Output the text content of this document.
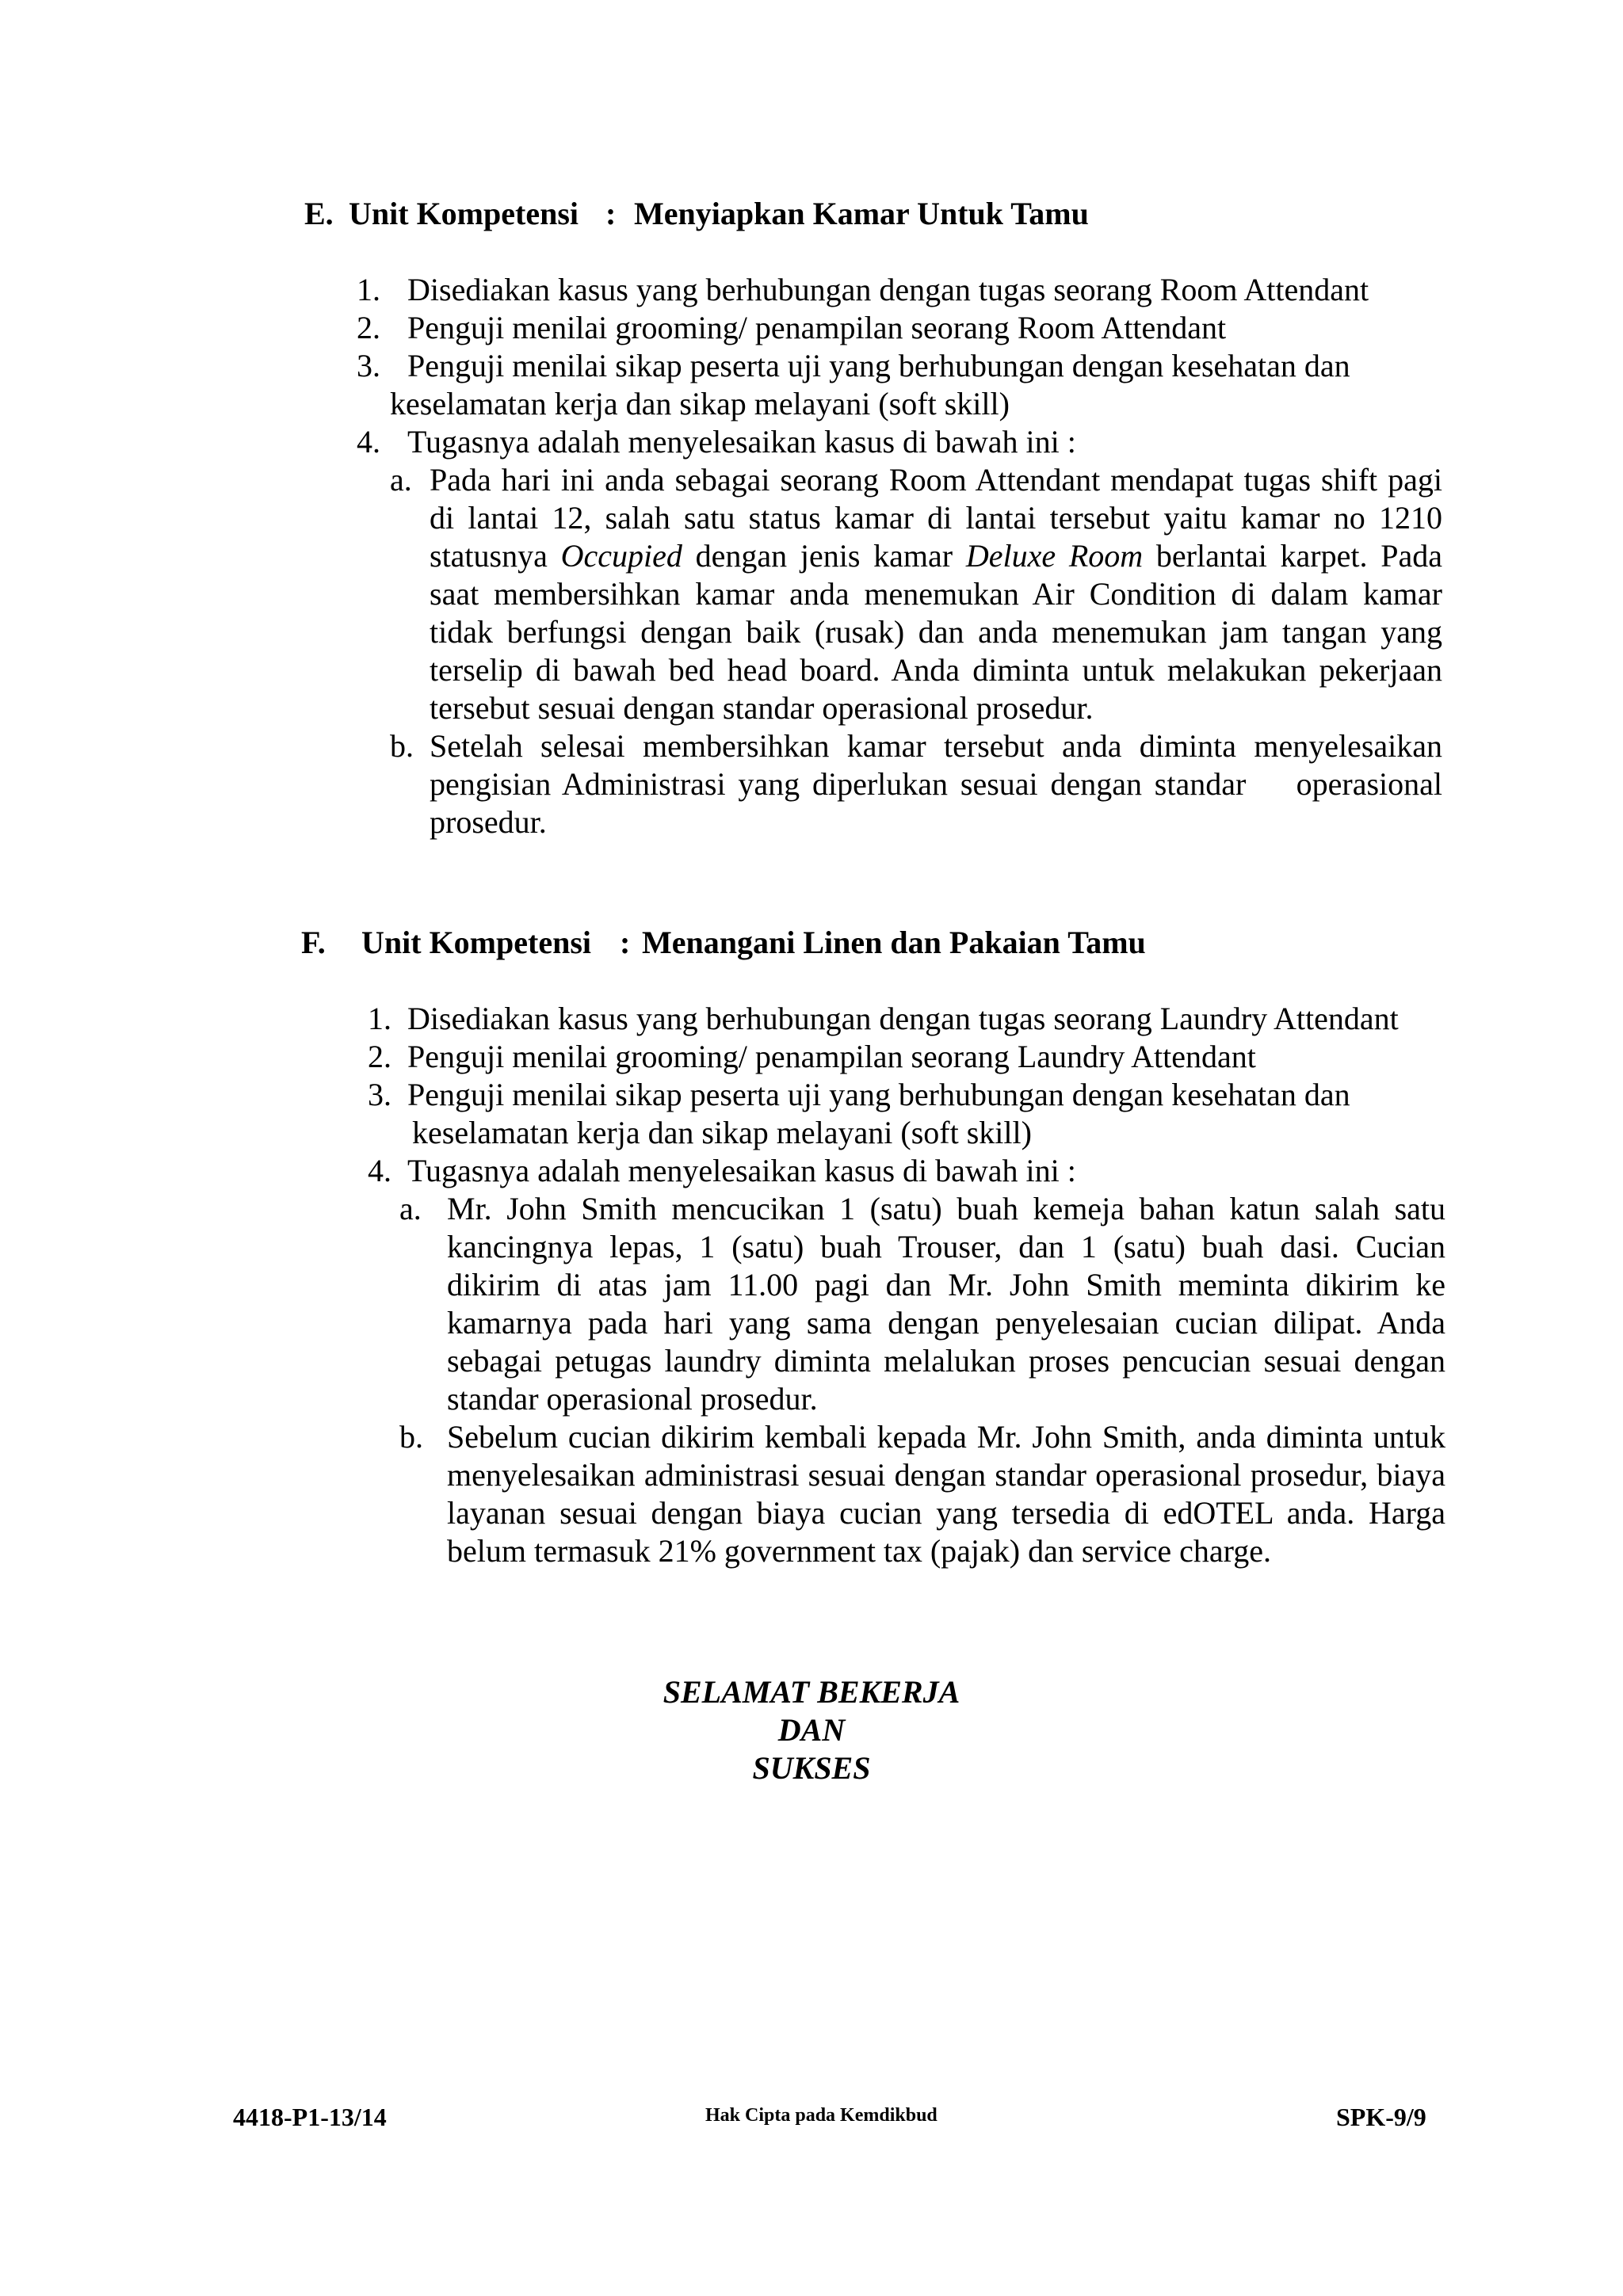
E. Unit Kompetensi : Menyiapkan Kamar Untuk Tamu
1. Disediakan kasus yang berhubungan dengan tugas seorang Room Attendant
2. Penguji menilai grooming/ penampilan seorang Room Attendant
3. Penguji menilai sikap peserta uji yang berhubungan dengan kesehatan dan
keselamatan kerja dan sikap melayani (soft skill)
4. Tugasnya adalah menyelesaikan kasus di bawah ini :
a. Pada hari ini anda sebagai seorang Room Attendant mendapat tugas shift pagi di lantai 12, salah satu status kamar di lantai tersebut yaitu kamar no 1210 statusnya Occupied dengan jenis kamar Deluxe Room berlantai karpet. Pada saat membersihkan kamar anda menemukan Air Condition di dalam kamar tidak berfungsi dengan baik (rusak) dan anda menemukan jam tangan yang terselip di bawah bed head board. Anda diminta untuk melakukan pekerjaan tersebut sesuai dengan standar operasional prosedur.
b. Setelah selesai membersihkan kamar tersebut anda diminta menyelesaikan pengisian Administrasi yang diperlukan sesuai dengan standar    operasional prosedur.
F. Unit Kompetensi : Menangani Linen dan Pakaian Tamu
1. Disediakan kasus yang berhubungan dengan tugas seorang Laundry Attendant
2. Penguji menilai grooming/ penampilan seorang Laundry Attendant
3. Penguji menilai sikap peserta uji yang berhubungan dengan kesehatan dan
keselamatan kerja dan sikap melayani (soft skill)
4. Tugasnya adalah menyelesaikan kasus di bawah ini :
a. Mr. John Smith mencucikan 1 (satu) buah kemeja bahan katun salah satu kancingnya lepas, 1 (satu) buah Trouser, dan 1 (satu) buah dasi. Cucian dikirim di atas jam 11.00 pagi dan Mr. John Smith meminta dikirim ke kamarnya pada hari yang sama dengan penyelesaian cucian dilipat. Anda sebagai petugas laundry diminta melalukan proses pencucian sesuai dengan standar operasional prosedur.
b. Sebelum cucian dikirim kembali kepada Mr. John Smith, anda diminta untuk menyelesaikan administrasi sesuai dengan standar operasional prosedur, biaya layanan sesuai dengan biaya cucian yang tersedia di edOTEL anda. Harga belum termasuk 21% government tax (pajak) dan service charge.
SELAMAT BEKERJA
DAN
SUKSES
4418-P1-13/14	Hak Cipta pada Kemdikbud	SPK-9/9
